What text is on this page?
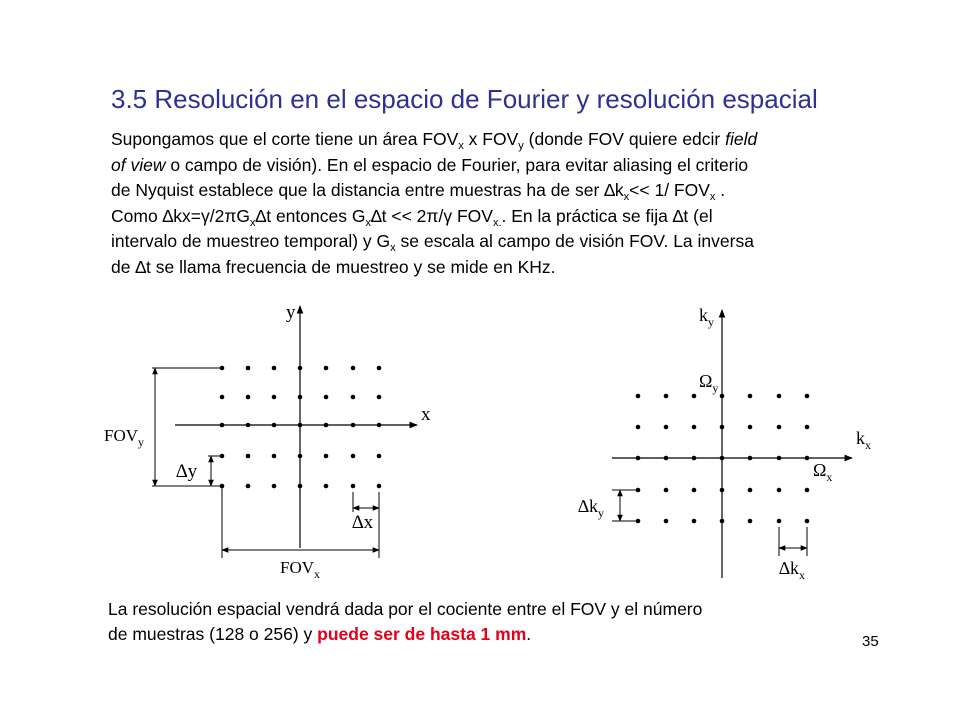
3.5 Resolución en el espacio de Fourier y resolución espacial

Supongamos que el corte tiene un área $FOV_x$ x $FOV_y$ (donde FOV quiere edcir field
of view o campo de visión). En el espacio de Fourier, para evitar aliasing el criterio
de Nyquist establece que la distancia entre muestras ha de ser $\Delta k_x<< 1/$ $FOV_x$ .
Como $\Delta kx=\gamma/2\pi G_x\Delta t$ entonces $G_x\Delta t << 2\pi/\gamma$ $FOV_{x.}$. En la práctica se fija ∆t (el
intervalo de muestreo temporal) y $G_x$ se escala al campo de visión FOV. La inversa
de ∆t se llama frecuencia de muestreo y se mide en KHz.

y
x
$FOV_y$
∆y
$FOV_x$
∆x
$k_y$
$k_x$
$\Omega_y$
$\Omega_x$
$\Delta k_y$
$\Delta k_x$

La resolución espacial vendrá dada por el cociente entre el FOV y el número
de muestras (128 o 256) y puede ser de hasta 1 mm.	35
